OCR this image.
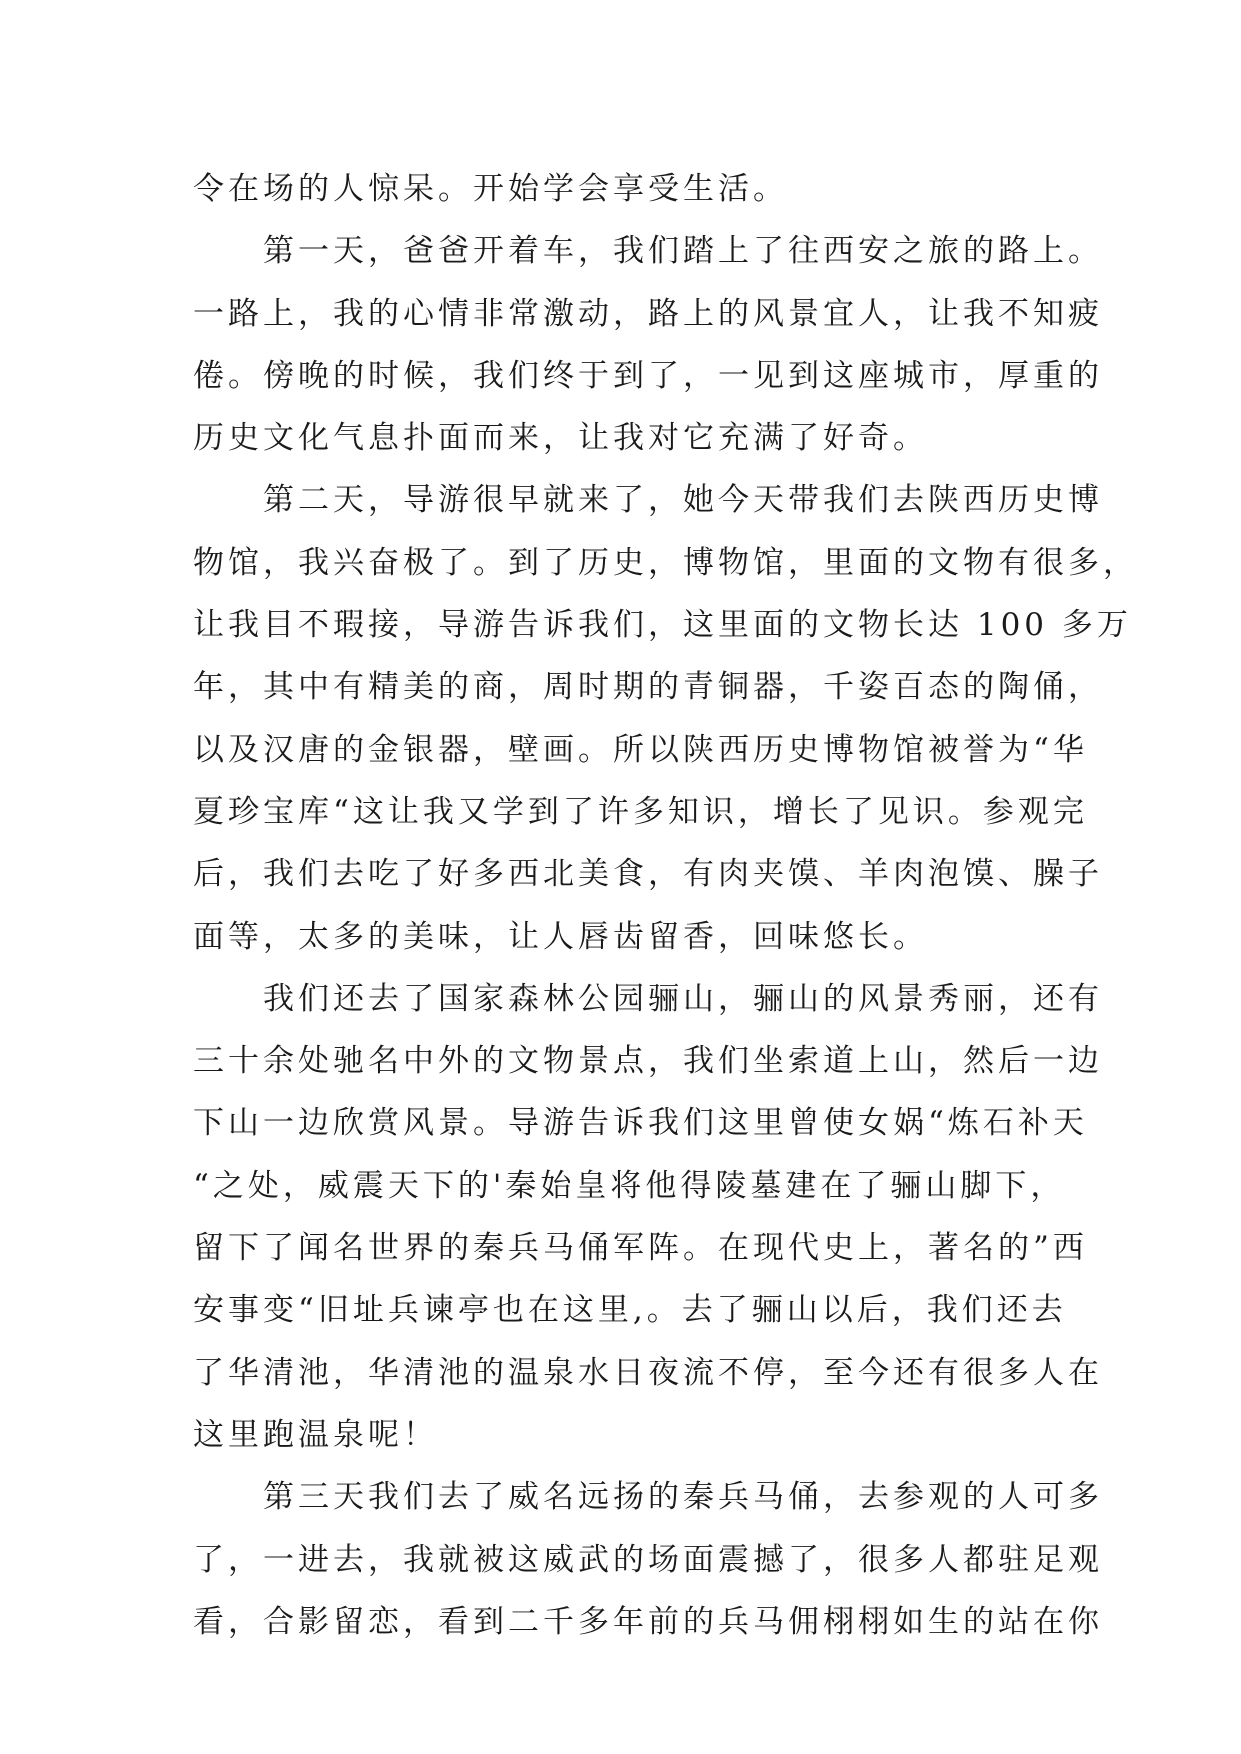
令在场的人惊呆。开始学会享受生活。
　　第一天，爸爸开着车，我们踏上了往西安之旅的路上。
一路上，我的心情非常激动，路上的风景宜人，让我不知疲
倦。傍晚的时候，我们终于到了，一见到这座城市，厚重的
历史文化气息扑面而来，让我对它充满了好奇。
　　第二天，导游很早就来了，她今天带我们去陕西历史博
物馆，我兴奋极了。到了历史，博物馆，里面的文物有很多，
让我目不瑕接，导游告诉我们，这里面的文物长达 100 多万
年，其中有精美的商，周时期的青铜器，千姿百态的陶俑，
以及汉唐的金银器，壁画。所以陕西历史博物馆被誉为“华
夏珍宝库“这让我又学到了许多知识，增长了见识。参观完
后，我们去吃了好多西北美食，有肉夹馍、羊肉泡馍、臊子
面等，太多的美味，让人唇齿留香，回味悠长。
　　我们还去了国家森林公园骊山，骊山的风景秀丽，还有
三十余处驰名中外的文物景点，我们坐索道上山，然后一边
下山一边欣赏风景。导游告诉我们这里曾使女娲“炼石补天
“之处，威震天下的'秦始皇将他得陵墓建在了骊山脚下，
留下了闻名世界的秦兵马俑军阵。在现代史上，著名的”西
安事变“旧址兵谏亭也在这里,。去了骊山以后，我们还去
了华清池，华清池的温泉水日夜流不停，至今还有很多人在
这里跑温泉呢！
　　第三天我们去了威名远扬的秦兵马俑，去参观的人可多
了，一进去，我就被这威武的场面震撼了，很多人都驻足观
看，合影留恋，看到二千多年前的兵马佣栩栩如生的站在你
